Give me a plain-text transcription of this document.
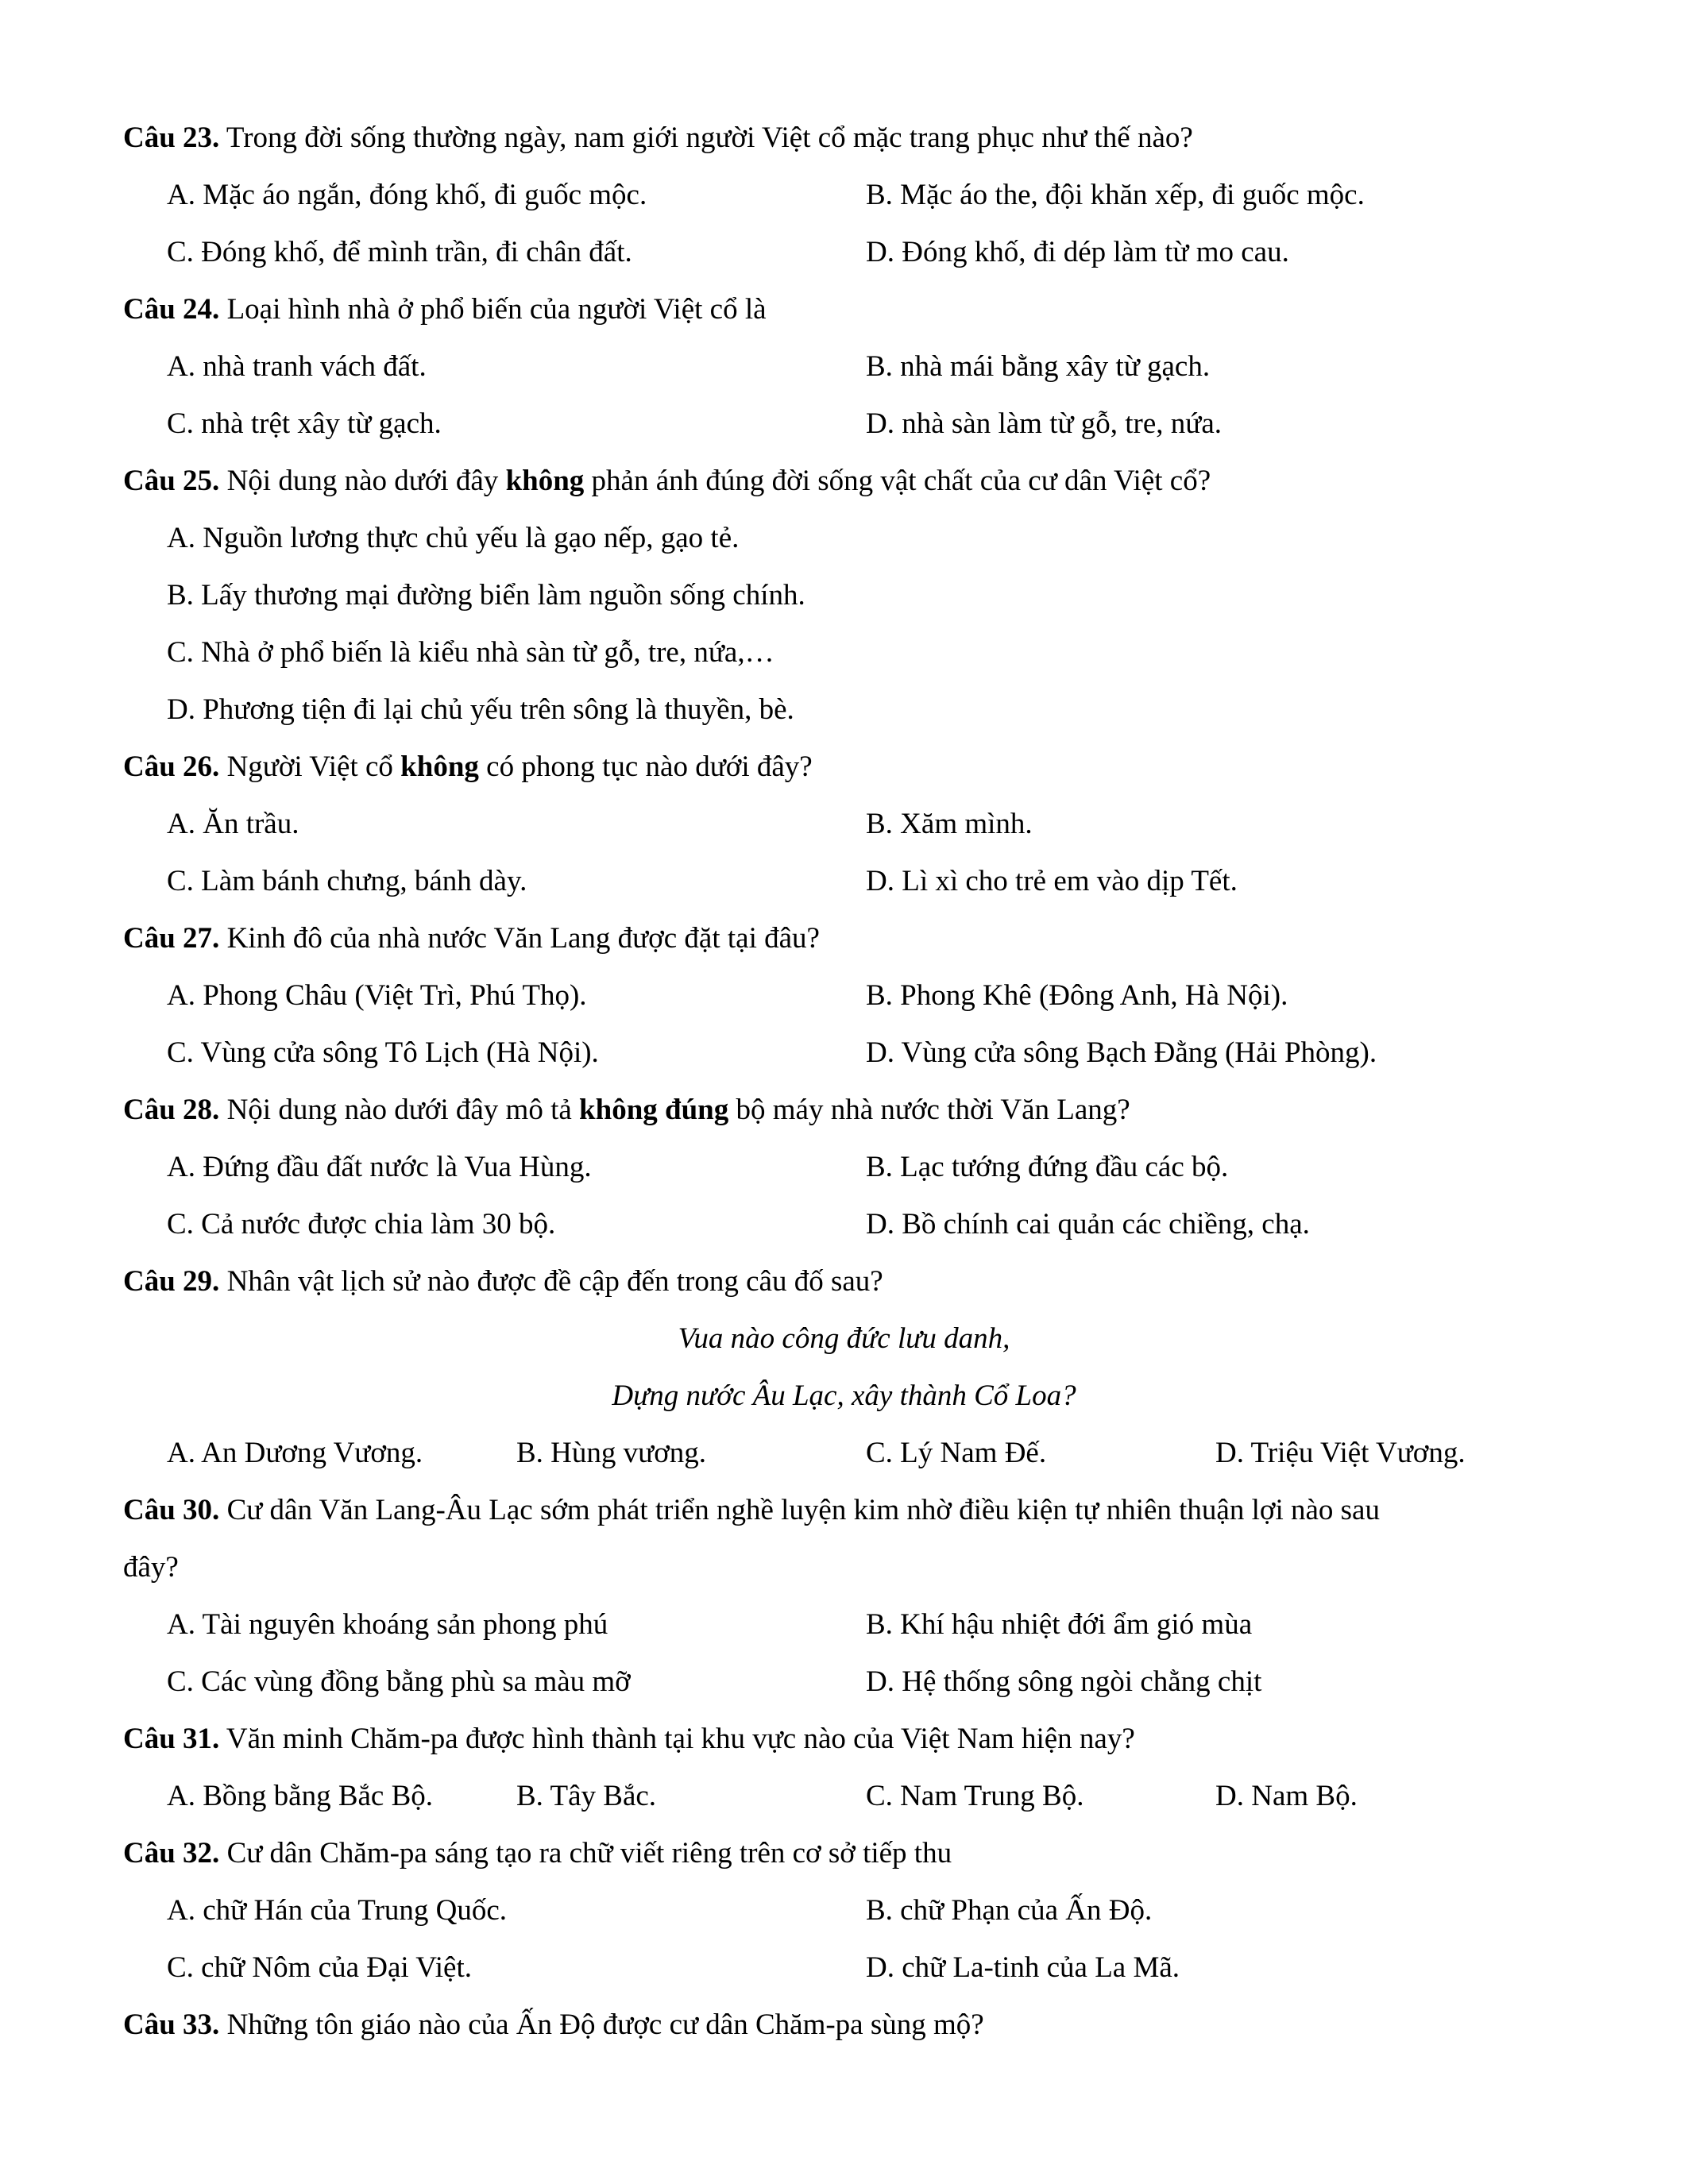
Câu 23. Trong đời sống thường ngày, nam giới người Việt cổ mặc trang phục như thế nào?
A. Mặc áo ngắn, đóng khố, đi guốc mộc.	B. Mặc áo the, đội khăn xếp, đi guốc mộc.
C. Đóng khố, để mình trần, đi chân đất.	D. Đóng khố, đi dép làm từ mo cau.
Câu 24. Loại hình nhà ở phổ biến của người Việt cổ là
A. nhà tranh vách đất.	B. nhà mái bằng xây từ gạch.
C. nhà trệt xây từ gạch.	D. nhà sàn làm từ gỗ, tre, nứa.
Câu 25. Nội dung nào dưới đây không phản ánh đúng đời sống vật chất của cư dân Việt cổ?
A. Nguồn lương thực chủ yếu là gạo nếp, gạo tẻ.
B. Lấy thương mại đường biển làm nguồn sống chính.
C. Nhà ở phổ biến là kiểu nhà sàn từ gỗ, tre, nứa,…
D. Phương tiện đi lại chủ yếu trên sông là thuyền, bè.
Câu 26. Người Việt cổ không có phong tục nào dưới đây?
A. Ăn trầu.	B. Xăm mình.
C. Làm bánh chưng, bánh dày.	D. Lì xì cho trẻ em vào dịp Tết.
Câu 27. Kinh đô của nhà nước Văn Lang được đặt tại đâu?
A. Phong Châu (Việt Trì, Phú Thọ).	B. Phong Khê (Đông Anh, Hà Nội).
C. Vùng cửa sông Tô Lịch (Hà Nội).	D. Vùng cửa sông Bạch Đằng (Hải Phòng).
Câu 28. Nội dung nào dưới đây mô tả không đúng bộ máy nhà nước thời Văn Lang?
A. Đứng đầu đất nước là Vua Hùng.	B. Lạc tướng đứng đầu các bộ.
C. Cả nước được chia làm 30 bộ.	D. Bồ chính cai quản các chiềng, chạ.
Câu 29. Nhân vật lịch sử nào được đề cập đến trong câu đố sau?
Vua nào công đức lưu danh,
Dựng nước Âu Lạc, xây thành Cổ Loa?
A. An Dương Vương.	B. Hùng vương.	C. Lý Nam Đế.	D. Triệu Việt Vương.
Câu 30. Cư dân Văn Lang-Âu Lạc sớm phát triển nghề luyện kim nhờ điều kiện tự nhiên thuận lợi nào sau
đây?
A. Tài nguyên khoáng sản phong phú	B. Khí hậu nhiệt đới ẩm gió mùa
C. Các vùng đồng bằng phù sa màu mỡ	D. Hệ thống sông ngòi chằng chịt
Câu 31. Văn minh Chăm-pa được hình thành tại khu vực nào của Việt Nam hiện nay?
A. Bồng bằng Bắc Bộ.	B. Tây Bắc.	C. Nam Trung Bộ.	D. Nam Bộ.
Câu 32. Cư dân Chăm-pa sáng tạo ra chữ viết riêng trên cơ sở tiếp thu
A. chữ Hán của Trung Quốc.	B. chữ Phạn của Ấn Độ.
C. chữ Nôm của Đại Việt.	D. chữ La-tinh của La Mã.
Câu 33. Những tôn giáo nào của Ấn Độ được cư dân Chăm-pa sùng mộ?
